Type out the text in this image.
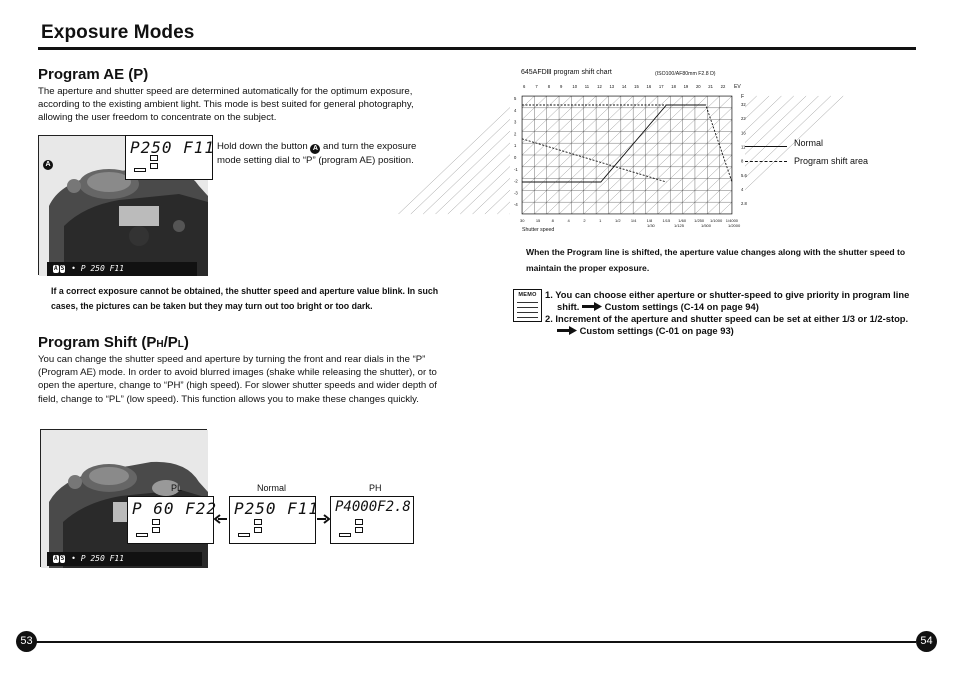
Exposure Modes
Program AE (P)
The aperture and shutter speed are determined automatically for the optimum exposure, according to the existing ambient light. This mode is best suited for general photography, allowing the user freedom to concentrate on the subject.
A
A S • P 250 F11
P250 F11 Hold down the button A and turn the exposure mode setting dial to “P” (program AE) position.
If a correct exposure cannot be obtained, the shutter speed and aperture value blink. In such cases, the pictures can be taken but they may turn out too bright or too dark.
Program Shift (PH/PL)
You can change the shutter speed and aperture by turning the front and rear dials in the “P” (Program AE) mode. In order to avoid blurred images (shake while releasing the shutter), or to open the aperture, change to “PH” (high speed). For slower shutter speeds and wider depth of field, change to “PL” (low speed). This function allows you to make these changes quickly.
A S • P 250 F11
PL	Normal	PH
P 60 F22 P250 F11 P4000F2.8
645AFDⅢ program shift chart	(ISO100/AF80mm F2.8 D)
6 7 8 9 10 11 12 13 14 15 16 17 18 19 20 21 22 EV
5
4
3
2
1
0
-1
-2
-3
-4
F
32
22
16
11
8
5.6
4
2.8
30	15	8	4	2	1	1/2	1/4	1/8	1/15 1/60 1/250 1/1000 1/4000
1/30	1/125	1/500	1/2000
Shutter speed
Normal
Program shift area
When the Program line is shifted, the aperture value changes along with the shutter speed to maintain the proper exposure.
MEMO 1. You can choose either aperture or shutter-speed to give priority in program line shift.	Custom settings (C-14 on page 94)
2. Increment of the aperture and shutter speed can be set at either 1/3 or 1/2-stop.  Custom settings (C-01 on page 93)
53	54
